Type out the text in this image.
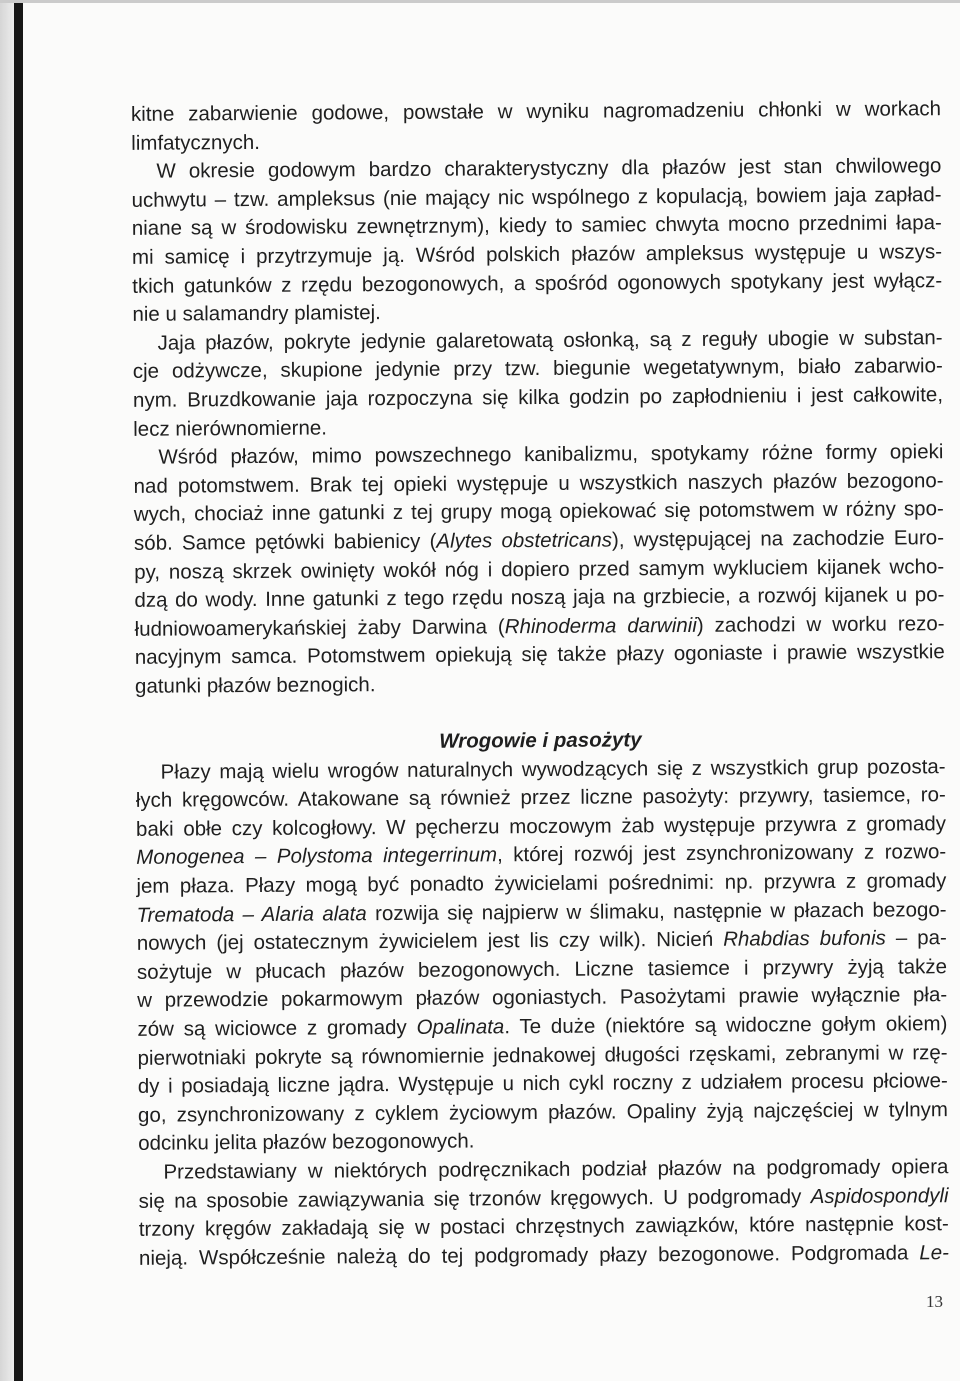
kitne zabarwienie godowe, powstałe w wyniku nagromadzeniu chłonki w workach
limfatycznych.
W okresie godowym bardzo charakterystyczny dla płazów jest stan chwilowego
uchwytu – tzw. ampleksus (nie mający nic wspólnego z kopulacją, bowiem jaja zapład-
niane są w środowisku zewnętrznym), kiedy to samiec chwyta mocno przednimi łapa-
mi samicę i przytrzymuje ją. Wśród polskich płazów ampleksus występuje u wszys-
tkich gatunków z rzędu bezogonowych, a spośród ogonowych spotykany jest wyłącz-
nie u salamandry plamistej.
Jaja płazów, pokryte jedynie galaretowatą osłonką, są z reguły ubogie w substan-
cje odżywcze, skupione jedynie przy tzw. biegunie wegetatywnym, biało zabarwio-
nym. Bruzdkowanie jaja rozpoczyna się kilka godzin po zapłodnieniu i jest całkowite,
lecz nierównomierne.
Wśród płazów, mimo powszechnego kanibalizmu, spotykamy różne formy opieki
nad potomstwem. Brak tej opieki występuje u wszystkich naszych płazów bezogono-
wych, chociaż inne gatunki z tej grupy mogą opiekować się potomstwem w różny spo-
sób. Samce pętówki babienicy (Alytes obstetricans), występującej na zachodzie Euro-
py, noszą skrzek owinięty wokół nóg i dopiero przed samym wykluciem kijanek wcho-
dzą do wody. Inne gatunki z tego rzędu noszą jaja na grzbiecie, a rozwój kijanek u po-
łudniowoamerykańskiej żaby Darwina (Rhinoderma darwinii) zachodzi w worku rezo-
nacyjnym samca. Potomstwem opiekują się także płazy ogoniaste i prawie wszystkie
gatunki płazów beznogich.
Wrogowie i pasożyty
Płazy mają wielu wrogów naturalnych wywodzących się z wszystkich grup pozosta-
łych kręgowców. Atakowane są również przez liczne pasożyty: przywry, tasiemce, ro-
baki obłe czy kolcogłowy. W pęcherzu moczowym żab występuje przywra z gromady
Monogenea – Polystoma integerrinum, której rozwój jest zsynchronizowany z rozwo-
jem płaza. Płazy mogą być ponadto żywicielami pośrednimi: np. przywra z gromady
Trematoda – Alaria alata rozwija się najpierw w ślimaku, następnie w płazach bezogo-
nowych (jej ostatecznym żywicielem jest lis czy wilk). Nicień Rhabdias bufonis – pa-
sożytuje w płucach płazów bezogonowych. Liczne tasiemce i przywry żyją także
w przewodzie pokarmowym płazów ogoniastych. Pasożytami prawie wyłącznie pła-
zów są wiciowce z gromady Opalinata. Te duże (niektóre są widoczne gołym okiem)
pierwotniaki pokryte są równomiernie jednakowej długości rzęskami, zebranymi w rzę-
dy i posiadają liczne jądra. Występuje u nich cykl roczny z udziałem procesu płciowe-
go, zsynchronizowany z cyklem życiowym płazów. Opaliny żyją najczęściej w tylnym
odcinku jelita płazów bezogonowych.
Przedstawiany w niektórych podręcznikach podział płazów na podgromady opiera
się na sposobie zawiązywania się trzonów kręgowych. U podgromady Aspidospondyli
trzony kręgów zakładają się w postaci chrzęstnych zawiązków, które następnie kost-
nieją. Współcześnie należą do tej podgromady płazy bezogonowe. Podgromada Le-
13
